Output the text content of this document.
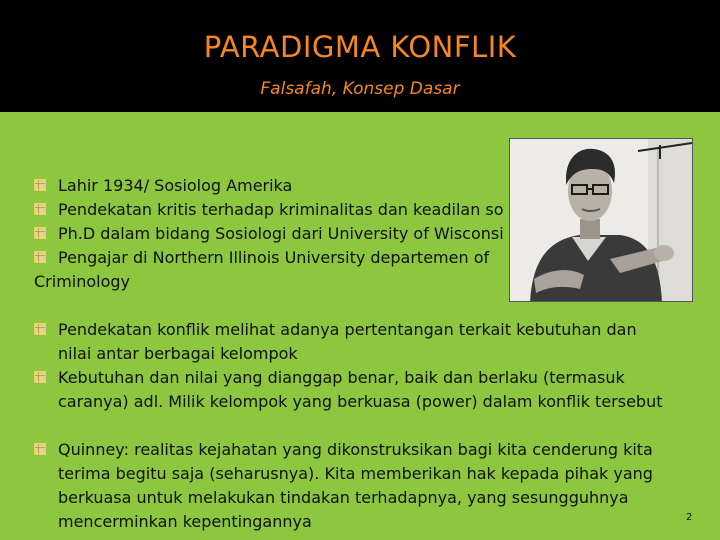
PARADIGMA KONFLIK
Falsafah, Konsep Dasar
Lahir 1934/ Sosiolog Amerika
Pendekatan kritis terhadap kriminalitas dan keadilan so
Ph.D dalam bidang Sosiologi dari University of Wisconsi
Pengajar di Northern Illinois University departemen of
Criminology
Pendekatan konflik melihat adanya pertentangan terkait kebutuhan dan nilai antar berbagai kelompok
Kebutuhan dan nilai yang dianggap benar, baik dan berlaku (termasuk caranya) adl. Milik kelompok yang berkuasa (power) dalam konflik tersebut
Quinney: realitas kejahatan yang dikonstruksikan bagi kita cenderung kita terima begitu saja (seharusnya). Kita memberikan hak kepada pihak yang berkuasa untuk melakukan tindakan terhadapnya, yang sesungguhnya mencerminkan kepentingannya	2
